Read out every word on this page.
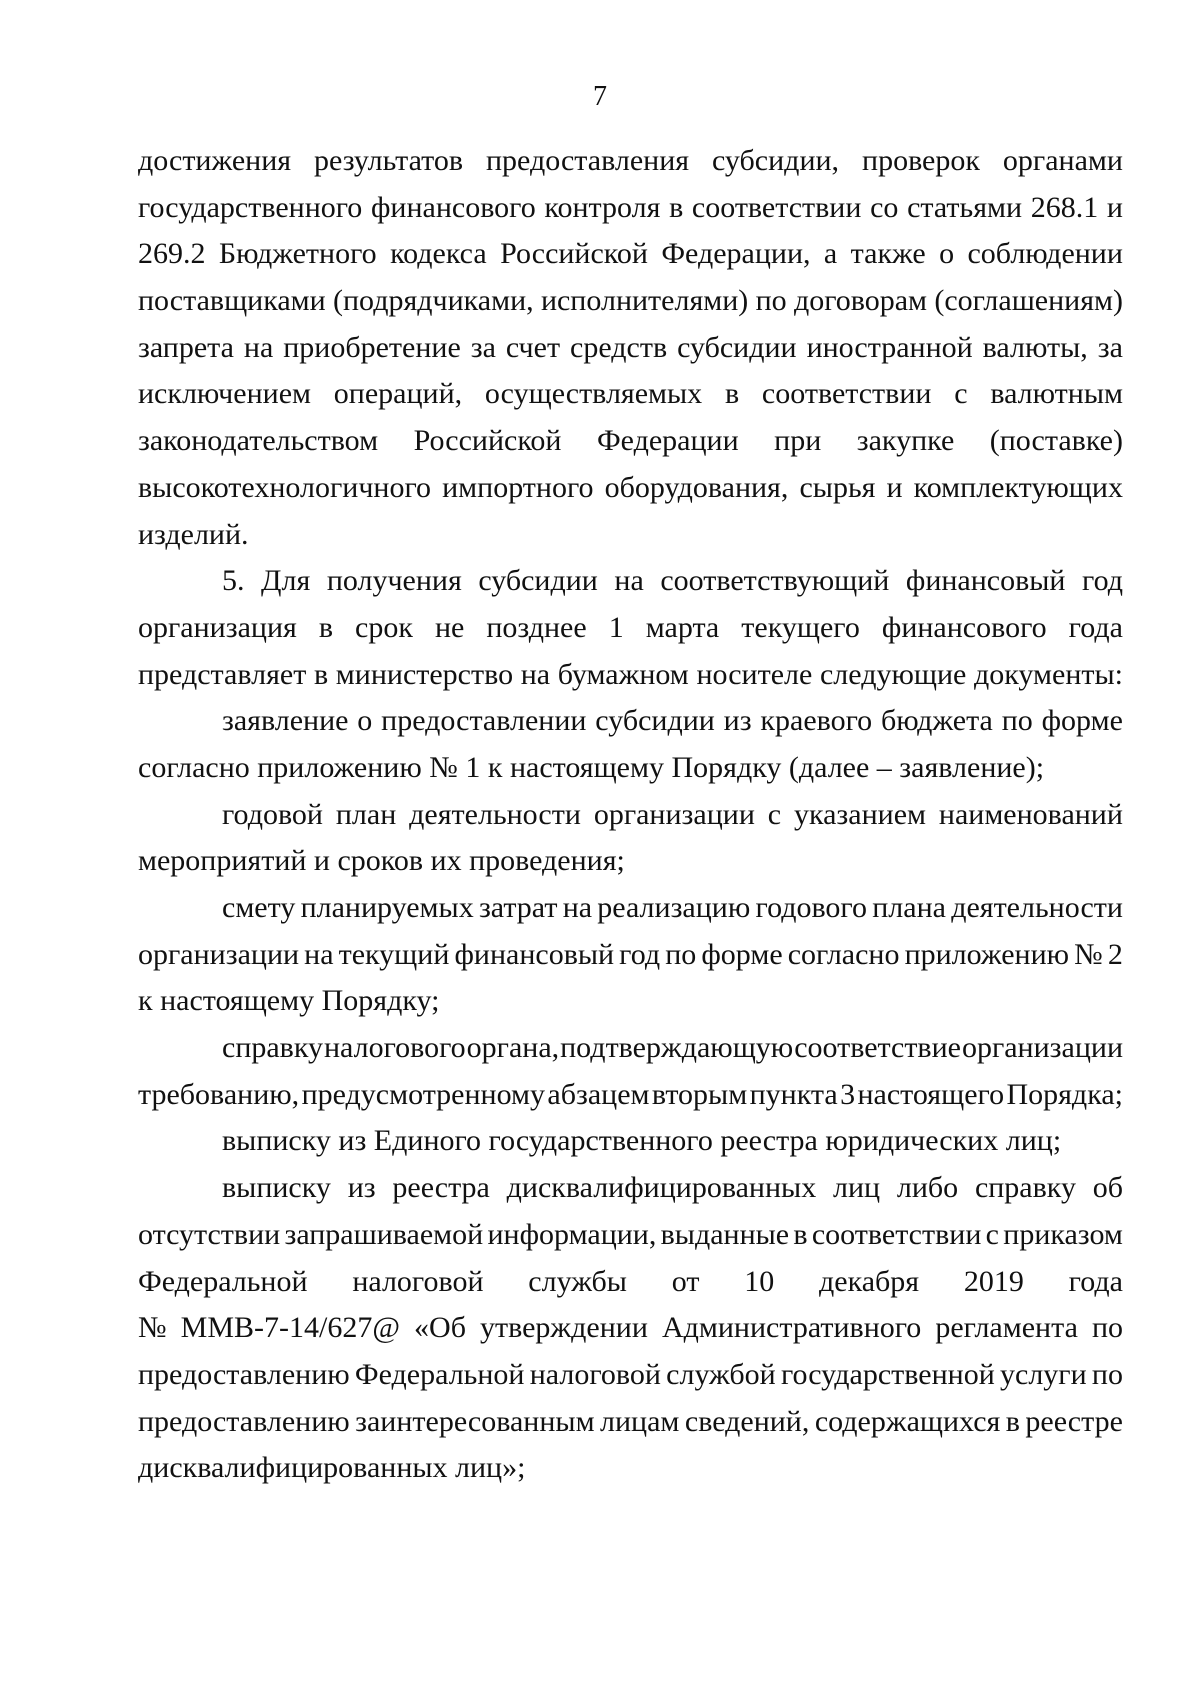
7
достижения результатов предоставления субсидии, проверок органами
государственного финансового контроля в соответствии со статьями 268.1 и
269.2 Бюджетного кодекса Российской Федерации, а также о соблюдении
поставщиками (подрядчиками, исполнителями) по договорам (соглашениям)
запрета на приобретение за счет средств субсидии иностранной валюты, за
исключением операций, осуществляемых в соответствии с валютным
законодательством Российской Федерации при закупке (поставке)
высокотехнологичного импортного оборудования, сырья и комплектующих
изделий.
5. Для получения субсидии на соответствующий финансовый год
организация в срок не позднее 1 марта текущего финансового года
представляет в министерство на бумажном носителе следующие документы:
заявление о предоставлении субсидии из краевого бюджета по форме
согласно приложению № 1 к настоящему Порядку (далее – заявление);
годовой план деятельности организации с указанием наименований
мероприятий и сроков их проведения;
смету планируемых затрат на реализацию годового плана деятельности
организации на текущий финансовый год по форме согласно приложению № 2
к настоящему Порядку;
справку налогового органа, подтверждающую соответствие организации
требованию, предусмотренному абзацем вторым пункта 3 настоящего Порядка;
выписку из Единого государственного реестра юридических лиц;
выписку из реестра дисквалифицированных лиц либо справку об
отсутствии запрашиваемой информации, выданные в соответствии с приказом
Федеральной налоговой службы от 10 декабря 2019 года
№ ММВ-7-14/627@ «Об утверждении Административного регламента по
предоставлению Федеральной налоговой службой государственной услуги по
предоставлению заинтересованным лицам сведений, содержащихся в реестре
дисквалифицированных лиц»;
